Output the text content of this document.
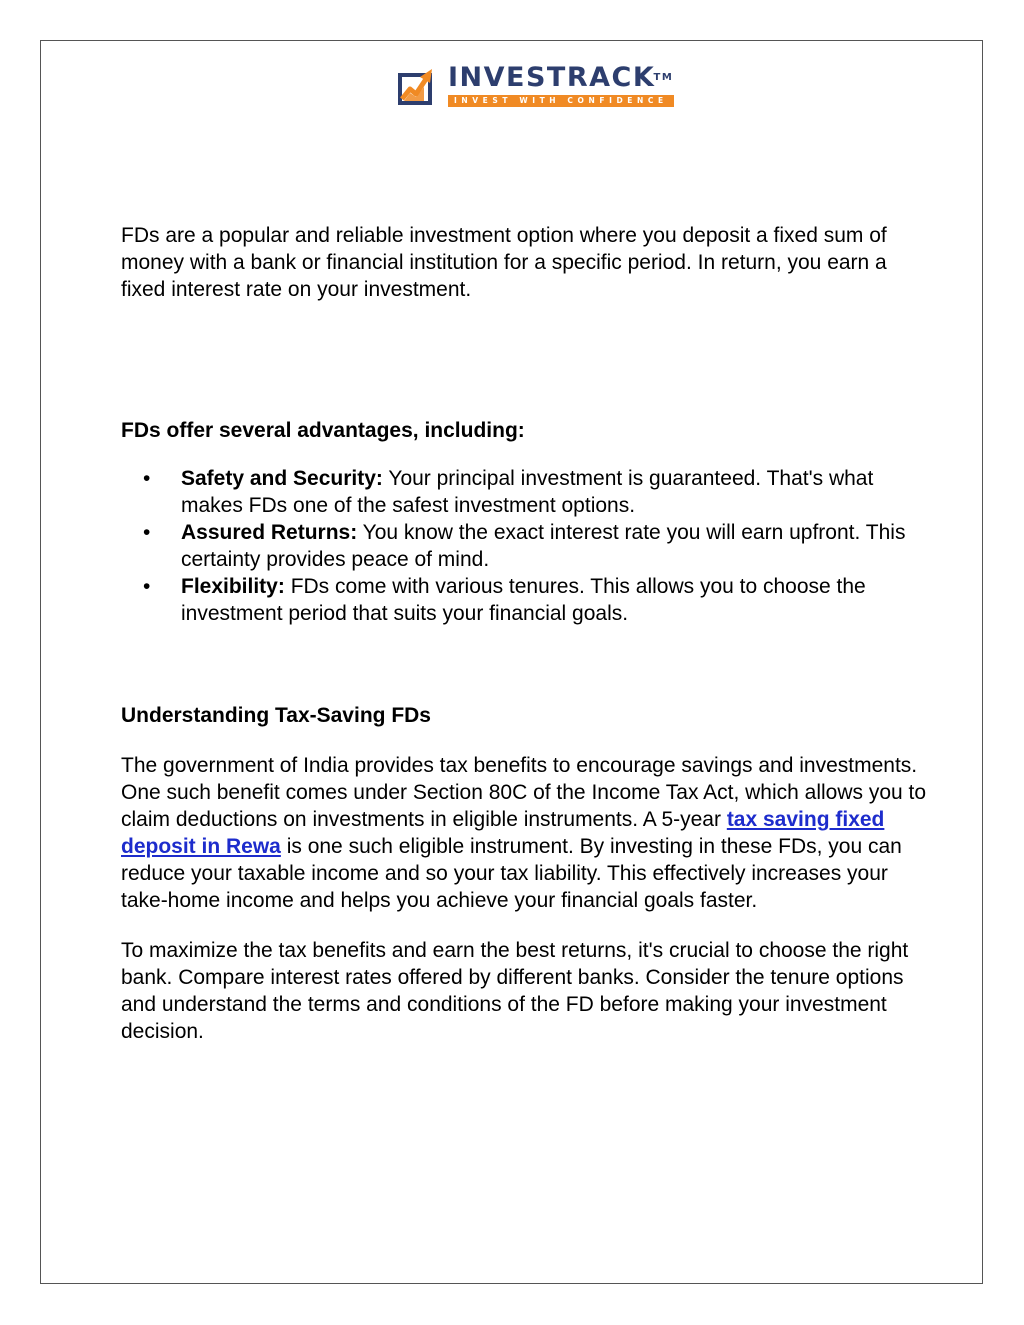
INVESTRACK
TM
INVEST WITH CONFIDENCE

FDs are a popular and reliable investment option where you deposit a fixed sum of money with a bank or financial institution for a specific period. In return, you earn a fixed interest rate on your investment.

FDs offer several advantages, including:

• Safety and Security: Your principal investment is guaranteed. That's what makes FDs one of the safest investment options.
• Assured Returns: You know the exact interest rate you will earn upfront. This certainty provides peace of mind.
• Flexibility: FDs come with various tenures. This allows you to choose the investment period that suits your financial goals.

Understanding Tax-Saving FDs

The government of India provides tax benefits to encourage savings and investments. One such benefit comes under Section 80C of the Income Tax Act, which allows you to claim deductions on investments in eligible instruments. A 5-year tax saving fixed deposit in Rewa is one such eligible instrument. By investing in these FDs, you can reduce your taxable income and so your tax liability. This effectively increases your take-home income and helps you achieve your financial goals faster.

To maximize the tax benefits and earn the best returns, it's crucial to choose the right bank. Compare interest rates offered by different banks. Consider the tenure options and understand the terms and conditions of the FD before making your investment decision.
